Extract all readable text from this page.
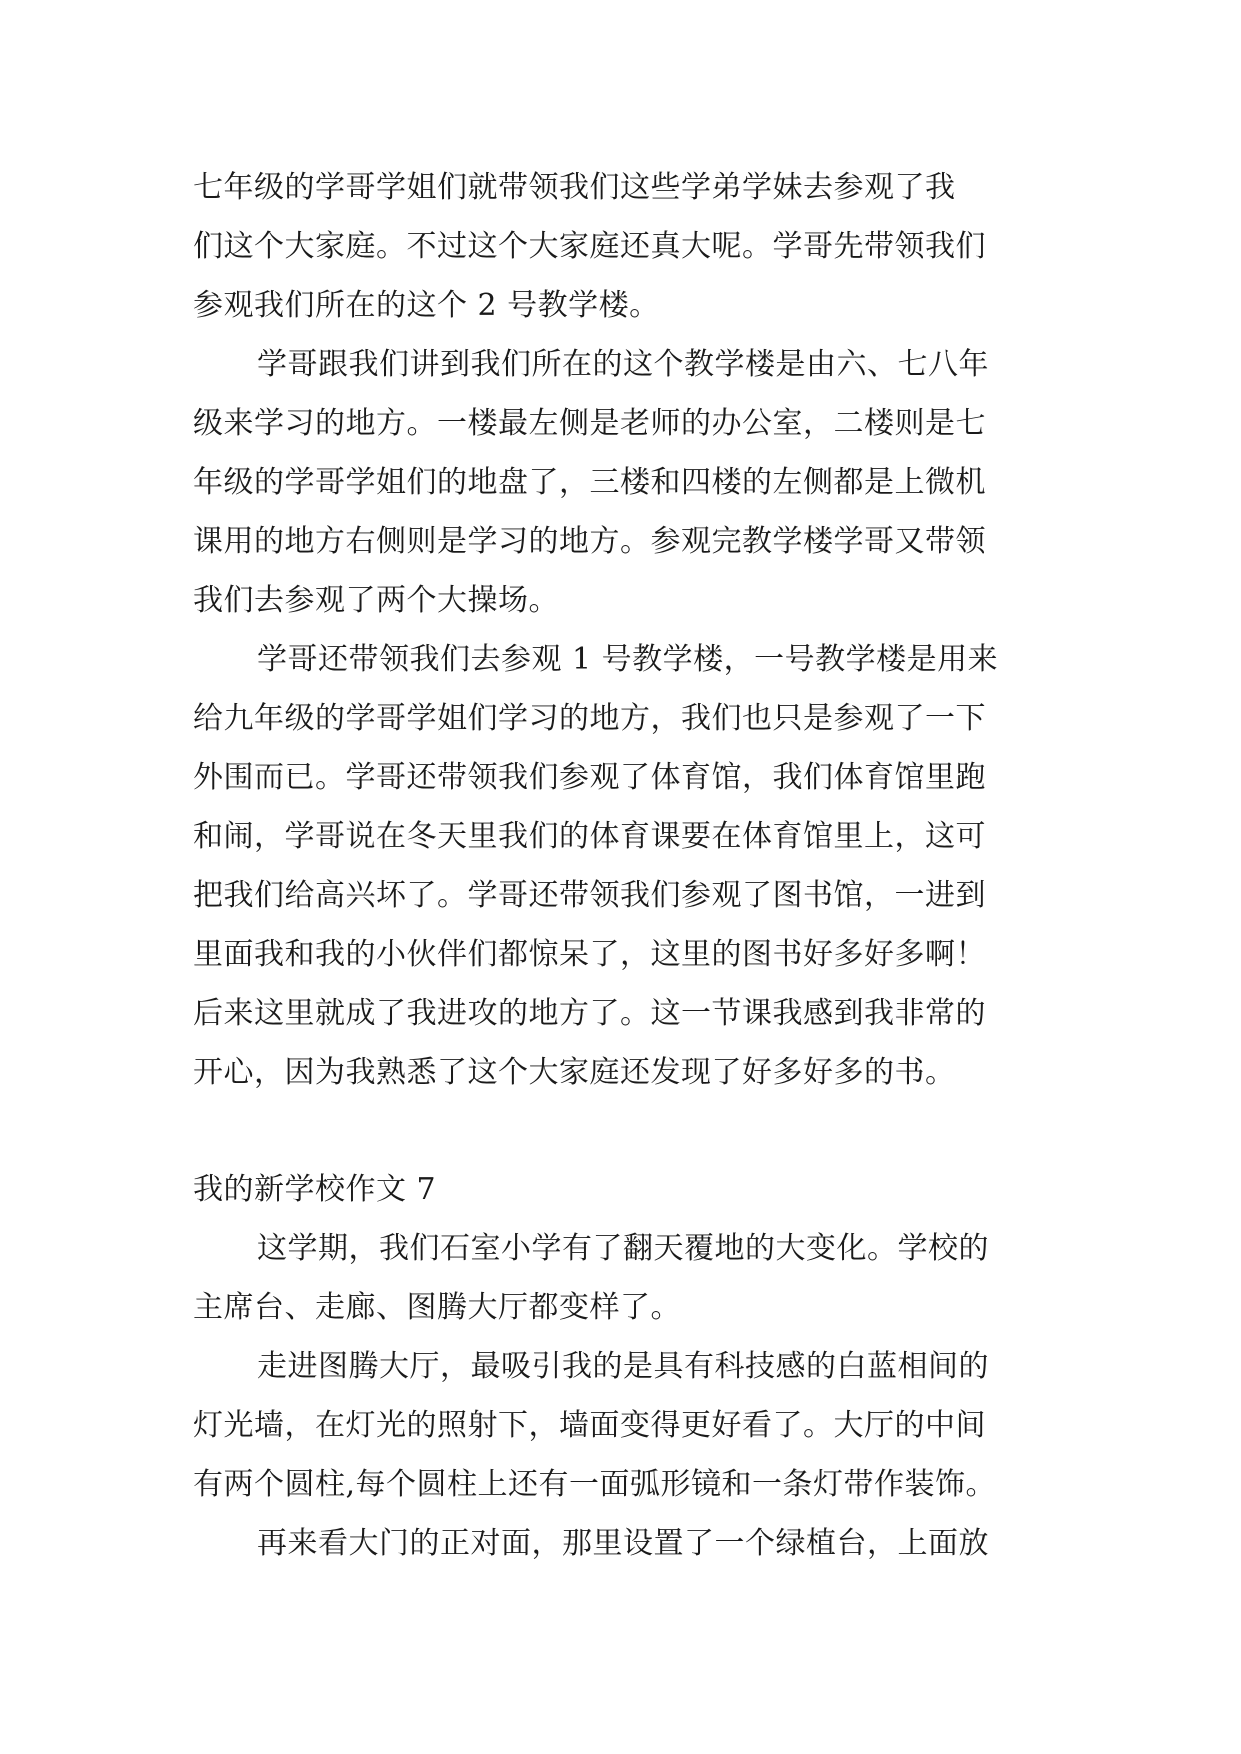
七年级的学哥学姐们就带领我们这些学弟学妹去参观了我
们这个大家庭。不过这个大家庭还真大呢。学哥先带领我们
参观我们所在的这个 2 号教学楼。
学哥跟我们讲到我们所在的这个教学楼是由六、七八年
级来学习的地方。一楼最左侧是老师的办公室，二楼则是七
年级的学哥学姐们的地盘了，三楼和四楼的左侧都是上微机
课用的地方右侧则是学习的地方。参观完教学楼学哥又带领
我们去参观了两个大操场。
学哥还带领我们去参观 1 号教学楼，一号教学楼是用来
给九年级的学哥学姐们学习的地方，我们也只是参观了一下
外围而已。学哥还带领我们参观了体育馆，我们体育馆里跑
和闹，学哥说在冬天里我们的体育课要在体育馆里上，这可
把我们给高兴坏了。学哥还带领我们参观了图书馆，一进到
里面我和我的小伙伴们都惊呆了，这里的图书好多好多啊！
后来这里就成了我进攻的地方了。这一节课我感到我非常的
开心，因为我熟悉了这个大家庭还发现了好多好多的书。
我的新学校作文 7
这学期，我们石室小学有了翻天覆地的大变化。学校的
主席台、走廊、图腾大厅都变样了。
走进图腾大厅，最吸引我的是具有科技感的白蓝相间的
灯光墙，在灯光的照射下，墙面变得更好看了。大厅的中间
有两个圆柱,每个圆柱上还有一面弧形镜和一条灯带作装饰。
再来看大门的正对面，那里设置了一个绿植台，上面放
